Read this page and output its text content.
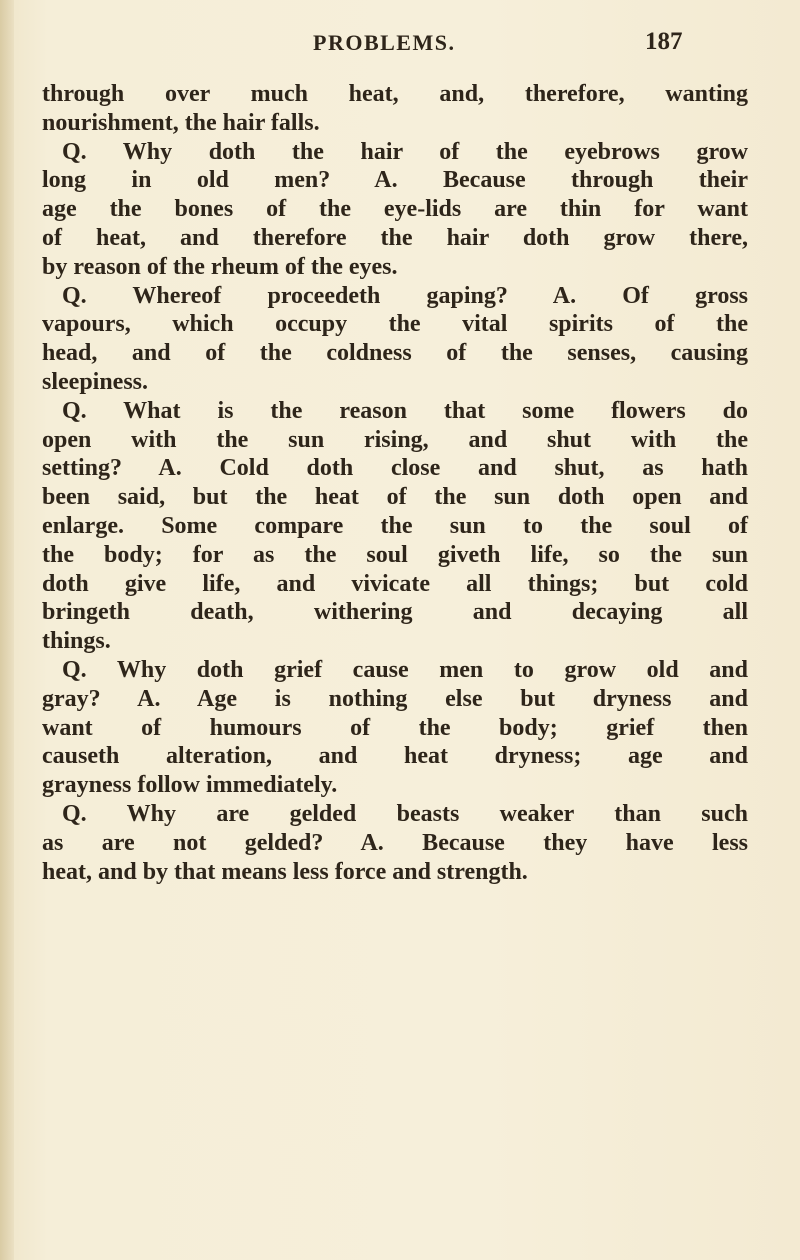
PROBLEMS.	187
through over much heat, and, therefore, wanting
nourishment, the hair falls.
Q. Why doth the hair of the eyebrows grow
long in old men? A. Because through their
age the bones of the eye-lids are thin for want
of heat, and therefore the hair doth grow there,
by reason of the rheum of the eyes.
Q. Whereof proceedeth gaping? A. Of gross
vapours, which occupy the vital spirits of the
head, and of the coldness of the senses, causing
sleepiness.
Q. What is the reason that some flowers do
open with the sun rising, and shut with the
setting? A. Cold doth close and shut, as hath
been said, but the heat of the sun doth open and
enlarge. Some compare the sun to the soul of
the body; for as the soul giveth life, so the sun
doth give life, and vivicate all things; but cold
bringeth death, withering and decaying all
things.
Q. Why doth grief cause men to grow old and
gray? A. Age is nothing else but dryness and
want of humours of the body; grief then
causeth alteration, and heat dryness; age and
grayness follow immediately.
Q. Why are gelded beasts weaker than such
as are not gelded? A. Because they have less
heat, and by that means less force and strength.
